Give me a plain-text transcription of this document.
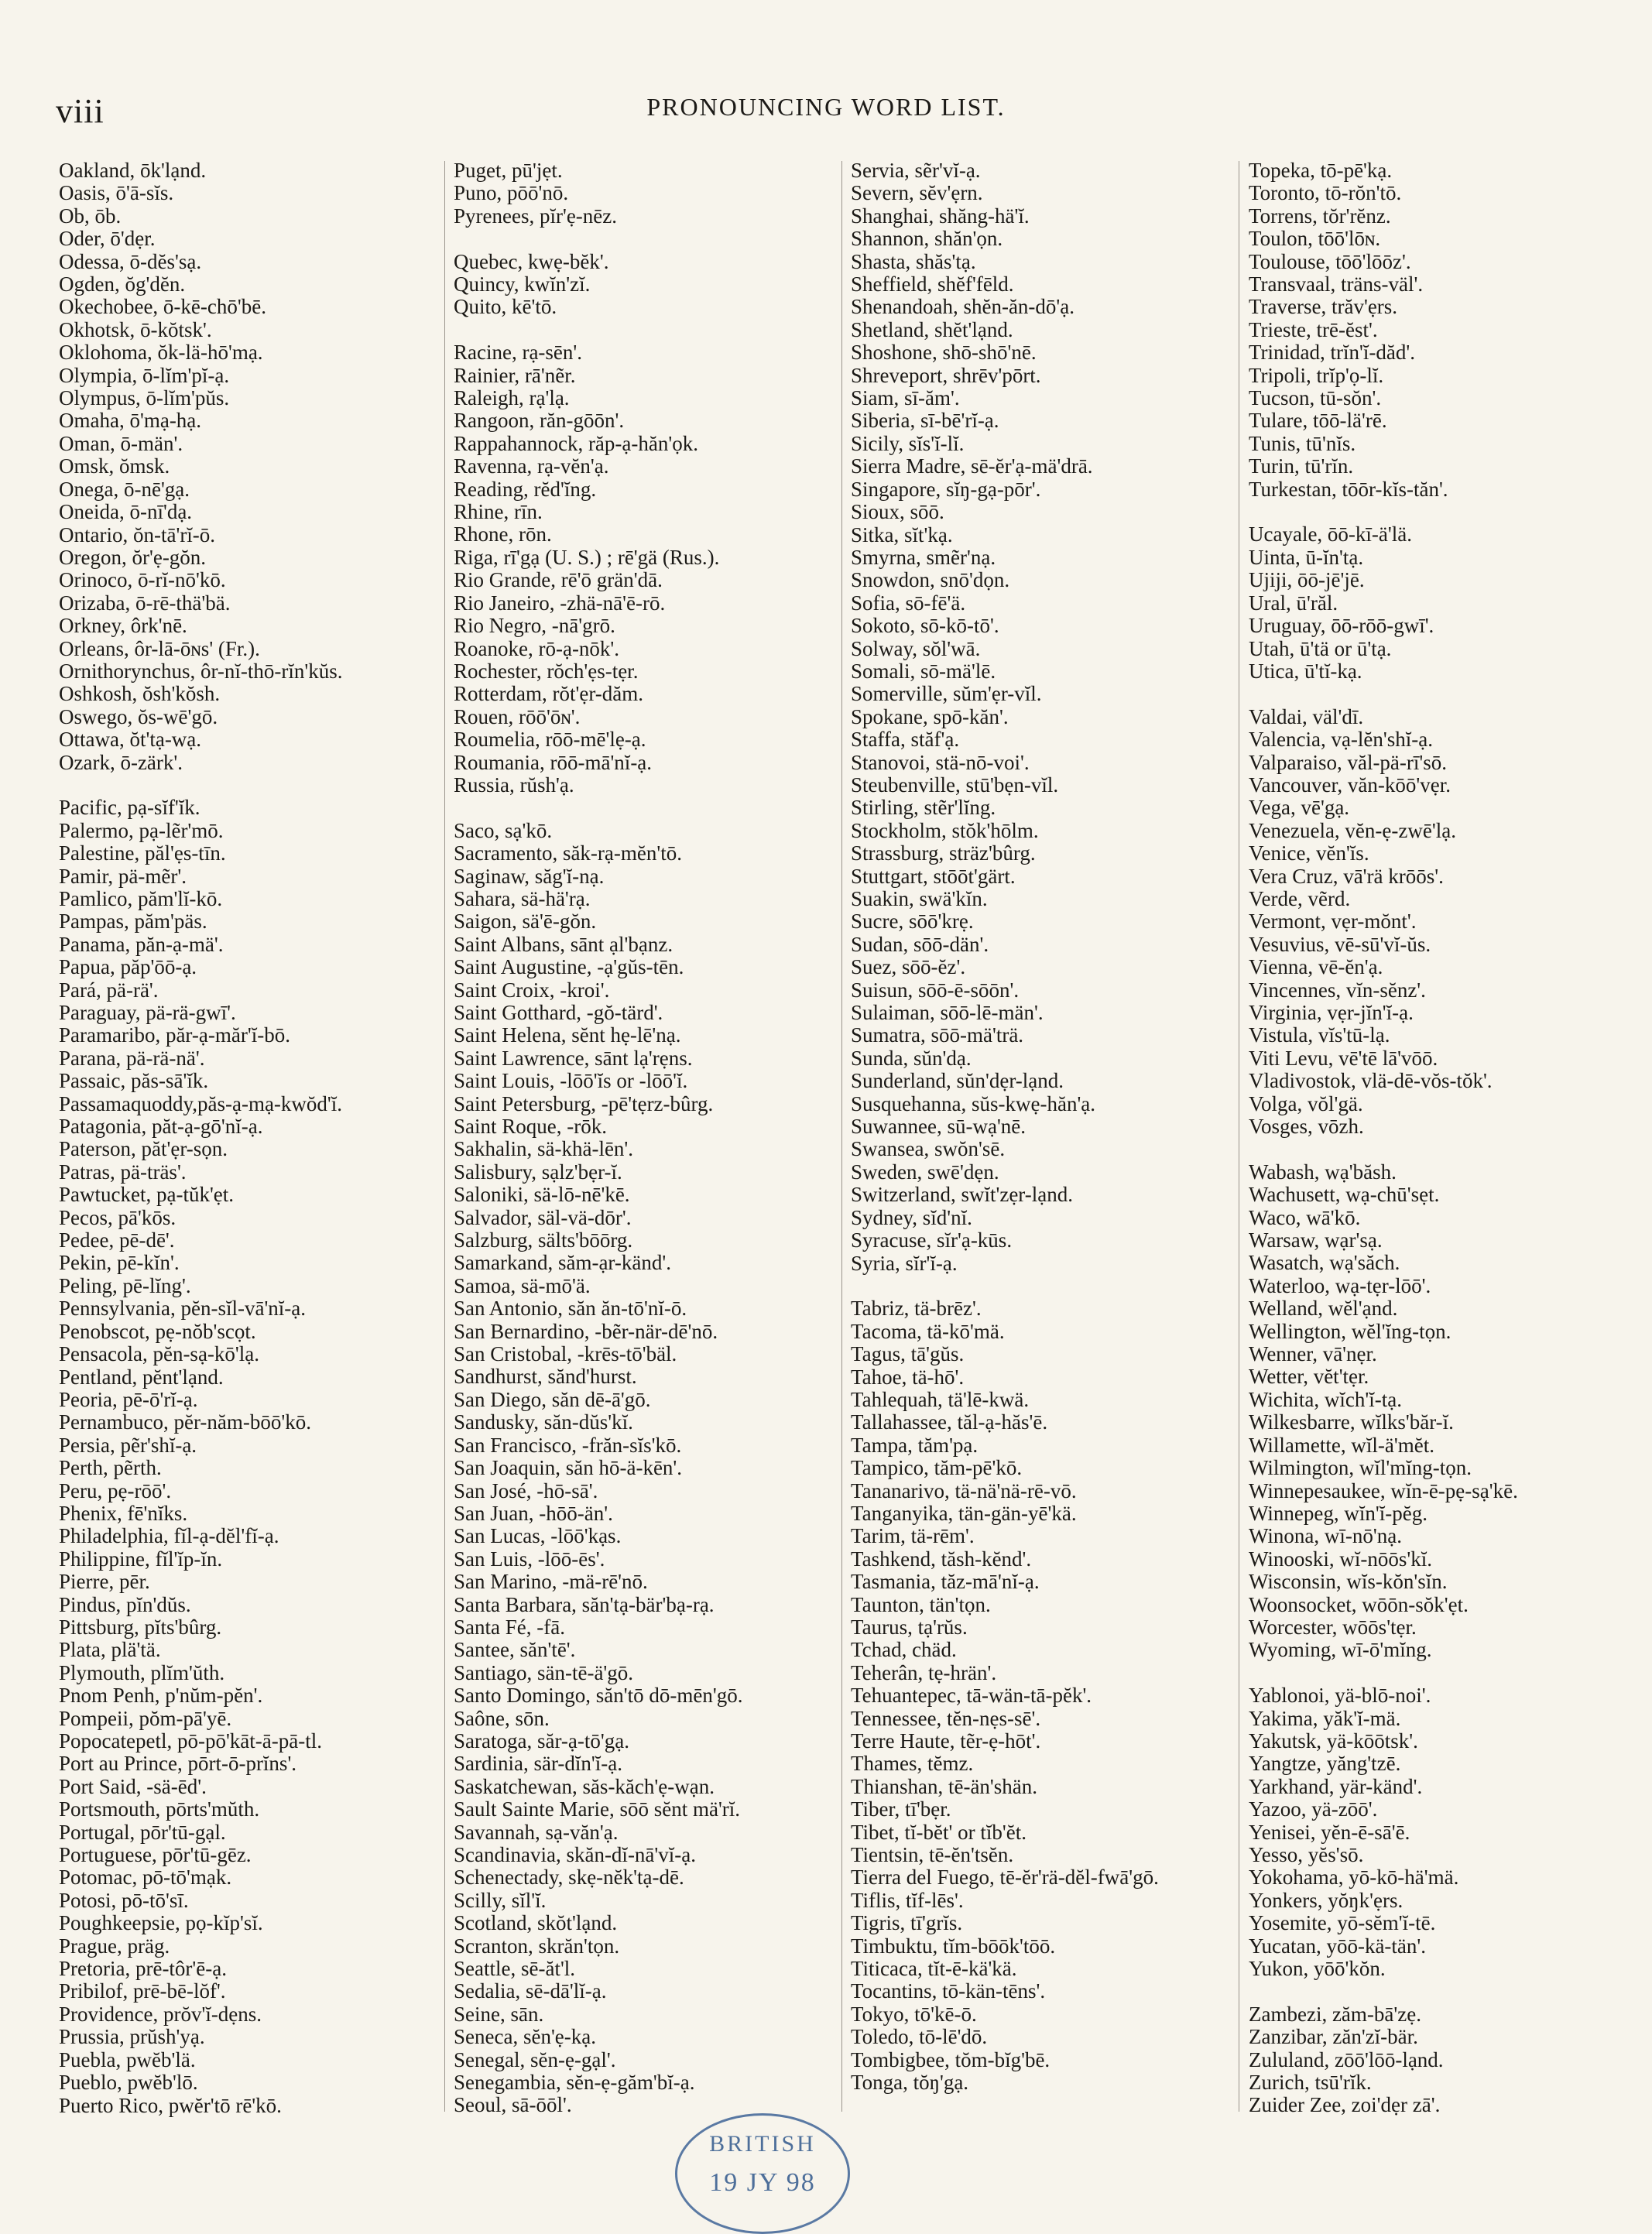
viii	PRONOUNCING WORD LIST.
Oakland, ōk'lạnd.
Oasis, ō'ā-sĭs.
Ob, ōb.
Oder, ō'dẹr.
Odessa, ō-dĕs'sạ.
Ogden, ŏg'dĕn.
Okechobee, ō-kē-chō'bē.
Okhotsk, ō-kŏtsk'.
Oklohoma, ŏk-lä-hō'mạ.
Olympia, ō-lĭm'pĭ-ạ.
Olympus, ō-lĭm'pŭs.
Omaha, ō'mạ-hạ.
Oman, ō-män'.
Omsk, ŏmsk.
Onega, ō-nē'gạ.
Oneida, ō-nī'dạ.
Ontario, ŏn-tā'rĭ-ō.
Oregon, ŏr'ẹ-gŏn.
Orinoco, ō-rĭ-nō'kō.
Orizaba, ō-rē-thä'bä.
Orkney, ôrk'nē.
Orleans, ôr-lā-ōɴs' (Fr.).
Ornithorynchus, ôr-nĭ-thō-rĭn'kŭs.
Oshkosh, ŏsh'kŏsh.
Oswego, ŏs-wē'gō.
Ottawa, ŏt'tạ-wạ.
Ozark, ō-zärk'.
Pacific, pạ-sĭf'ĭk.
Palermo, pạ-lẽr'mō.
Palestine, păl'ẹs-tīn.
Pamir, pä-mẽr'.
Pamlico, păm'lĭ-kō.
Pampas, păm'päs.
Panama, păn-ạ-mä'.
Papua, păp'ōō-ạ.
Pará, pä-rä'.
Paraguay, pä-rä-gwī'.
Paramaribo, păr-ạ-măr'ĭ-bō.
Parana, pä-rä-nä'.
Passaic, păs-sā'ĭk.
Passamaquoddy,păs-ạ-mạ-kwŏd'ĭ.
Patagonia, păt-ạ-gō'nĭ-ạ.
Paterson, păt'ẹr-sọn.
Patras, pä-träs'.
Pawtucket, pạ-tŭk'ẹt.
Pecos, pā'kōs.
Pedee, pē-dē'.
Pekin, pē-kĭn'.
Peling, pē-lĭng'.
Pennsylvania, pĕn-sĭl-vā'nĭ-ạ.
Penobscot, pẹ-nŏb'scọt.
Pensacola, pĕn-sạ-kō'lạ.
Pentland, pĕnt'lạnd.
Peoria, pē-ō'rĭ-ạ.
Pernambuco, pĕr-năm-bōō'kō.
Persia, pẽr'shĭ-ạ.
Perth, pẽrth.
Peru, pẹ-rōō'.
Phenix, fē'nĭks.
Philadelphia, fĭl-ạ-dĕl'fĭ-ạ.
Philippine, fĭl'ĭp-ĭn.
Pierre, pēr.
Pindus, pĭn'dŭs.
Pittsburg, pĭts'bûrg.
Plata, plä'tä.
Plymouth, plĭm'ŭth.
Pnom Penh, p'nŭm-pĕn'.
Pompeii, pŏm-pā'yē.
Popocatepetl, pō-pō'kāt-ā-pā-tl.
Port au Prince, pōrt-ō-prĭns'.
Port Said, -sä-ēd'.
Portsmouth, pōrts'mŭth.
Portugal, pōr'tū-gạl.
Portuguese, pōr'tū-gēz.
Potomac, pō-tō'mạk.
Potosi, pō-tō'sī.
Poughkeepsie, pọ-kĭp'sĭ.
Prague, präg.
Pretoria, prē-tôr'ē-ạ.
Pribilof, prē-bē-lŏf'.
Providence, prŏv'ĭ-dẹns.
Prussia, prŭsh'yạ.
Puebla, pwĕb'lä.
Pueblo, pwĕb'lō.
Puerto Rico, pwĕr'tō rē'kō.
Puget, pū'jẹt.
Puno, pōō'nō.
Pyrenees, pĭr'ẹ-nēz.
Quebec, kwẹ-bĕk'.
Quincy, kwĭn'zĭ.
Quito, kē'tō.
Racine, rạ-sēn'.
Rainier, rā'nẽr.
Raleigh, rạ'lạ.
Rangoon, răn-gōōn'.
Rappahannock, răp-ạ-hăn'ọk.
Ravenna, rạ-vĕn'ạ.
Reading, rĕd'ĭng.
Rhine, rīn.
Rhone, rōn.
Riga, rī'gạ (U. S.) ; rē'gä (Rus.).
Rio Grande, rē'ō grän'dā.
Rio Janeiro, -zhä-nā'ē-rō.
Rio Negro, -nā'grō.
Roanoke, rō-ạ-nōk'.
Rochester, rŏch'ẹs-tẹr.
Rotterdam, rŏt'ẹr-dăm.
Rouen, rōō'ōɴ'.
Roumelia, rōō-mē'lẹ-ạ.
Roumania, rōō-mā'nĭ-ạ.
Russia, rŭsh'ạ.
Saco, sạ'kō.
Sacramento, săk-rạ-mĕn'tō.
Saginaw, săg'ĭ-nạ.
Sahara, sä-hä'rạ.
Saigon, sä'ē-gŏn.
Saint Albans, sānt ạl'bạnz.
Saint Augustine, -ạ'gŭs-tēn.
Saint Croix, -kroi'.
Saint Gotthard, -gŏ-tärd'.
Saint Helena, sĕnt hẹ-lē'nạ.
Saint Lawrence, sānt lạ'rẹns.
Saint Louis, -lōō'ĭs or -lōō'ĭ.
Saint Petersburg, -pē'tẹrz-bûrg.
Saint Roque, -rōk.
Sakhalin, sä-khä-lēn'.
Salisbury, sạlz'bẹr-ĭ.
Saloniki, sä-lō-nē'kē.
Salvador, säl-vä-dōr'.
Salzburg, sälts'bōōrg.
Samarkand, săm-ạr-känd'.
Samoa, sä-mō'ä.
San Antonio, săn ăn-tō'nĭ-ō.
San Bernardino, -bẽr-när-dē'nō.
San Cristobal, -krēs-tō'bäl.
Sandhurst, sănd'hurst.
San Diego, săn dē-ā'gō.
Sandusky, săn-dŭs'kĭ.
San Francisco, -frăn-sĭs'kō.
San Joaquin, săn hō-ä-kēn'.
San José, -hō-sā'.
San Juan, -hōō-än'.
San Lucas, -lōō'kạs.
San Luis, -lōō-ēs'.
San Marino, -mä-rē'nō.
Santa Barbara, săn'tạ-bär'bạ-rạ.
Santa Fé, -fā.
Santee, săn'tē'.
Santiago, sän-tē-ä'gō.
Santo Domingo, săn'tō dō-mēn'gō.
Saône, sōn.
Saratoga, săr-ạ-tō'gạ.
Sardinia, sär-dĭn'ĭ-ạ.
Saskatchewan, săs-kăch'ẹ-wạn.
Sault Sainte Marie, sōō sĕnt mä'rĭ.
Savannah, sạ-văn'ạ.
Scandinavia, skăn-dĭ-nā'vĭ-ạ.
Schenectady, skẹ-nĕk'tạ-dē.
Scilly, sĭl'ĭ.
Scotland, skŏt'lạnd.
Scranton, skrăn'tọn.
Seattle, sē-ăt'l.
Sedalia, sē-dā'lĭ-ạ.
Seine, sān.
Seneca, sĕn'ẹ-kạ.
Senegal, sĕn-ẹ-gạl'.
Senegambia, sĕn-ẹ-găm'bĭ-ạ.
Seoul, sā-ōōl'.
Servia, sẽr'vĭ-ạ.
Severn, sĕv'ẹrn.
Shanghai, shăng-hä'ĭ.
Shannon, shăn'ọn.
Shasta, shăs'tạ.
Sheffield, shĕf'fēld.
Shenandoah, shĕn-ăn-dō'ạ.
Shetland, shĕt'lạnd.
Shoshone, shō-shō'nē.
Shreveport, shrēv'pōrt.
Siam, sī-ăm'.
Siberia, sī-bē'rĭ-ạ.
Sicily, sĭs'ĭ-lĭ.
Sierra Madre, sē-ĕr'ạ-mä'drā.
Singapore, sĭŋ-gạ-pōr'.
Sioux, sōō.
Sitka, sĭt'kạ.
Smyrna, smẽr'nạ.
Snowdon, snō'dọn.
Sofia, sō-fē'ä.
Sokoto, sō-kō-tō'.
Solway, sŏl'wā.
Somali, sō-mä'lē.
Somerville, sŭm'ẹr-vĭl.
Spokane, spō-kăn'.
Staffa, stăf'ạ.
Stanovoi, stä-nō-voi'.
Steubenville, stū'bẹn-vĭl.
Stirling, stẽr'lĭng.
Stockholm, stŏk'hōlm.
Strassburg, sträz'bûrg.
Stuttgart, stōōt'gärt.
Suakin, swä'kĭn.
Sucre, sōō'krẹ.
Sudan, sōō-dän'.
Suez, sōō-ĕz'.
Suisun, sōō-ē-sōōn'.
Sulaiman, sōō-lē-män'.
Sumatra, sōō-mä'trä.
Sunda, sŭn'dạ.
Sunderland, sŭn'dẹr-lạnd.
Susquehanna, sŭs-kwẹ-hăn'ạ.
Suwannee, sū-wạ'nē.
Swansea, swŏn'sē.
Sweden, swē'dẹn.
Switzerland, swĭt'zẹr-lạnd.
Sydney, sĭd'nĭ.
Syracuse, sĭr'ạ-kūs.
Syria, sĭr'ĭ-ạ.
Tabriz, tä-brēz'.
Tacoma, tä-kō'mä.
Tagus, tā'gŭs.
Tahoe, tä-hō'.
Tahlequah, tä'lē-kwä.
Tallahassee, tăl-ạ-hăs'ē.
Tampa, tăm'pạ.
Tampico, tăm-pē'kō.
Tananarivo, tä-nä'nä-rē-vō.
Tanganyika, tän-gän-yē'kä.
Tarim, tä-rēm'.
Tashkend, tăsh-kĕnd'.
Tasmania, tăz-mā'nĭ-ạ.
Taunton, tän'tọn.
Taurus, tạ'rŭs.
Tchad, chäd.
Teherân, tẹ-hrän'.
Tehuantepec, tā-wän-tā-pĕk'.
Tennessee, tĕn-nẹs-sē'.
Terre Haute, tẽr-ẹ-hōt'.
Thames, tĕmz.
Thianshan, tē-än'shän.
Tiber, tī'bẹr.
Tibet, tĭ-bĕt' or tĭb'ĕt.
Tientsin, tē-ĕn'tsĕn.
Tierra del Fuego, tē-ĕr'rä-dĕl-fwā'gō.
Tiflis, tĭf-lēs'.
Tigris, tī'grĭs.
Timbuktu, tĭm-bōōk'tōō.
Titicaca, tĭt-ē-kä'kä.
Tocantins, tō-kän-tēns'.
Tokyo, tō'kē-ō.
Toledo, tō-lē'dō.
Tombigbee, tŏm-bĭg'bē.
Tonga, tŏŋ'gạ.
Topeka, tō-pē'kạ.
Toronto, tō-rŏn'tō.
Torrens, tŏr'rĕnz.
Toulon, tōō'lōɴ.
Toulouse, tōō'lōōz'.
Transvaal, träns-väl'.
Traverse, trăv'ẹrs.
Trieste, trē-ĕst'.
Trinidad, trĭn'ĭ-dăd'.
Tripoli, trĭp'ọ-lĭ.
Tucson, tū-sŏn'.
Tulare, tōō-lä'rē.
Tunis, tū'nĭs.
Turin, tū'rĭn.
Turkestan, tōōr-kĭs-tăn'.
Ucayale, ōō-kī-ä'lä.
Uinta, ū-ĭn'tạ.
Ujiji, ōō-jē'jē.
Ural, ū'răl.
Uruguay, ōō-rōō-gwī'.
Utah, ū'tä or ū'tạ.
Utica, ū'tĭ-kạ.
Valdai, väl'dī.
Valencia, vạ-lĕn'shĭ-ạ.
Valparaiso, văl-pä-rī'sō.
Vancouver, văn-kōō'vẹr.
Vega, vē'gạ.
Venezuela, vĕn-ẹ-zwē'lạ.
Venice, vĕn'ĭs.
Vera Cruz, vā'rä krōōs'.
Verde, vẽrd.
Vermont, vẹr-mŏnt'.
Vesuvius, vē-sū'vĭ-ŭs.
Vienna, vē-ĕn'ạ.
Vincennes, vĭn-sĕnz'.
Virginia, vẹr-jĭn'ĭ-ạ.
Vistula, vĭs'tū-lạ.
Viti Levu, vē'tē lā'vōō.
Vladivostok, vlä-dē-vŏs-tŏk'.
Volga, vŏl'gä.
Vosges, vōzh.
Wabash, wạ'băsh.
Wachusett, wạ-chū'sẹt.
Waco, wā'kō.
Warsaw, wạr'sạ.
Wasatch, wạ'săch.
Waterloo, wạ-tẹr-lōō'.
Welland, wĕl'ạnd.
Wellington, wĕl'ĭng-tọn.
Wenner, vā'nẹr.
Wetter, vĕt'tẹr.
Wichita, wĭch'ĭ-tạ.
Wilkesbarre, wĭlks'băr-ĭ.
Willamette, wĭl-ä'mĕt.
Wilmington, wĭl'mĭng-tọn.
Winnepesaukee, wĭn-ē-pẹ-sạ'kē.
Winnepeg, wĭn'ĭ-pĕg.
Winona, wī-nō'nạ.
Winooski, wĭ-nōōs'kĭ.
Wisconsin, wĭs-kŏn'sĭn.
Woonsocket, wōōn-sŏk'ẹt.
Worcester, wōōs'tẹr.
Wyoming, wī-ō'mĭng.
Yablonoi, yä-blō-noi'.
Yakima, yăk'ĭ-mä.
Yakutsk, yä-kōōtsk'.
Yangtze, yăng'tzē.
Yarkhand, yär-känd'.
Yazoo, yä-zōō'.
Yenisei, yĕn-ē-sā'ē.
Yesso, yĕs'sō.
Yokohama, yō-kō-hä'mä.
Yonkers, yŏŋk'ẹrs.
Yosemite, yō-sĕm'ĭ-tē.
Yucatan, yōō-kä-tän'.
Yukon, yōō'kŏn.
Zambezi, zăm-bā'zẹ.
Zanzibar, zăn'zĭ-bär.
Zululand, zōō'lōō-lạnd.
Zurich, tsū'rĭk.
Zuider Zee, zoi'dẹr zā'.
BRITISH
19 JY 98
